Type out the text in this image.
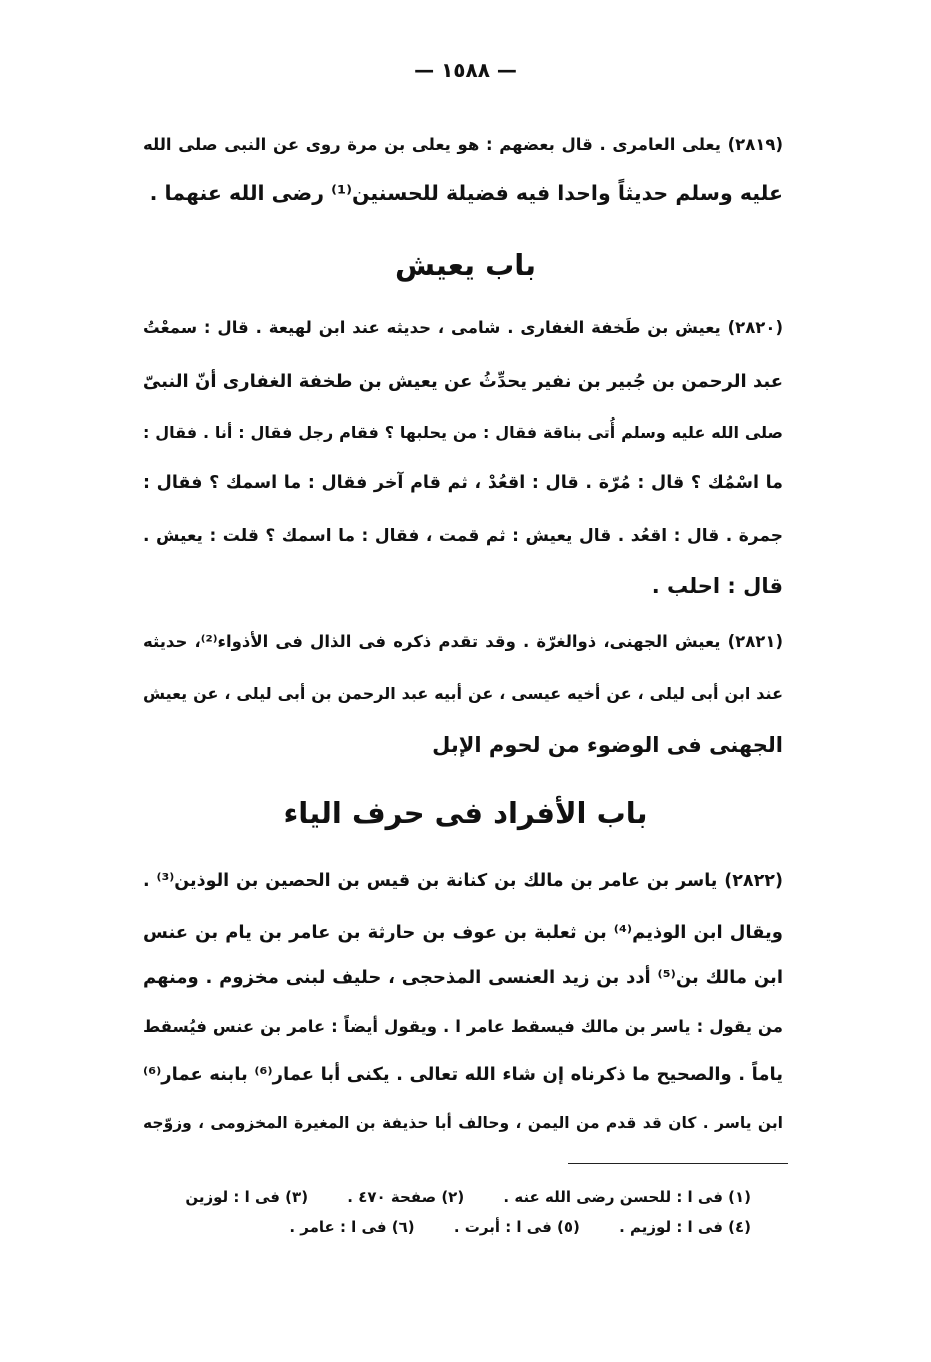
— ١٥٨٨ —
(٢٨١٩) يعلى العامرى . قال بعضهم : هو يعلى بن مرة روى عن النبى صلى الله
عليه وسلم حديثاً واحدا فيه فضيلة للحسنين⁽¹⁾ رضى الله عنهما .
باب يعيش
(٢٨٢٠) يعيش بن طَخفة الغفارى . شامى ، حديثه عند ابن لهيعة . قال : سمعْتُ
عبد الرحمن بن جُبير بن نفير يحدِّثُ عن يعيش بن طخفة الغفارى أنّ النبىّ
صلى الله عليه وسلم أُتى بناقة فقال : من يحلبها ؟ فقام رجل فقال : أنا . فقال :
ما اسْمُك ؟ قال : مُرّة . قال : اقعُدْ ، ثم قام آخر فقال : ما اسمك ؟ فقال :
جمرة . قال : اقعُد . قال يعيش : ثم قمت ، فقال : ما اسمك ؟ قلت : يعيش .
قال : احلب .
(٢٨٢١) يعيش الجهنى، ذوالغرّة . وقد تقدم ذكره فى الذال فى الأذواء⁽²⁾، حديثه
عند ابن أبى ليلى ، عن أخيه عيسى ، عن أبيه عبد الرحمن بن أبى ليلى ، عن يعيش
الجهنى فى الوضوء من لحوم الإبل
باب الأفراد فى حرف الياء
(٢٨٢٢) ياسر بن عامر بن مالك بن كنانة بن قيس بن الحصين بن الوذين⁽³⁾ .
ويقال ابن الوذيم⁽⁴⁾ بن ثعلبة بن عوف بن حارثة بن عامر بن يام بن عنس
ابن مالك بن⁽⁵⁾ أدد بن زيد العنسى المذحجى ، حليف لبنى مخزوم . ومنهم
من يقول : ياسر بن مالك فيسقط عامر ا . ويقول أيضاً : عامر بن عنس فيُسقط
ياماً . والصحيح ما ذكرناه إن شاء الله تعالى . يكنى أبا عمار⁽⁶⁾ بابنه عمار⁽⁶⁾
ابن ياسر . كان قد قدم من اليمن ، وحالف أبا حذيفة بن المغيرة المخزومى ، وزوّجه
(١) فى ا : للحسن رضى الله عنه . (٢) صفحة ٤٧٠ . (٣) فى ا : لوزين
(٤) فى ا : لوزيم . (٥) فى ا : أبرت . (٦) فى ا : عامر .
